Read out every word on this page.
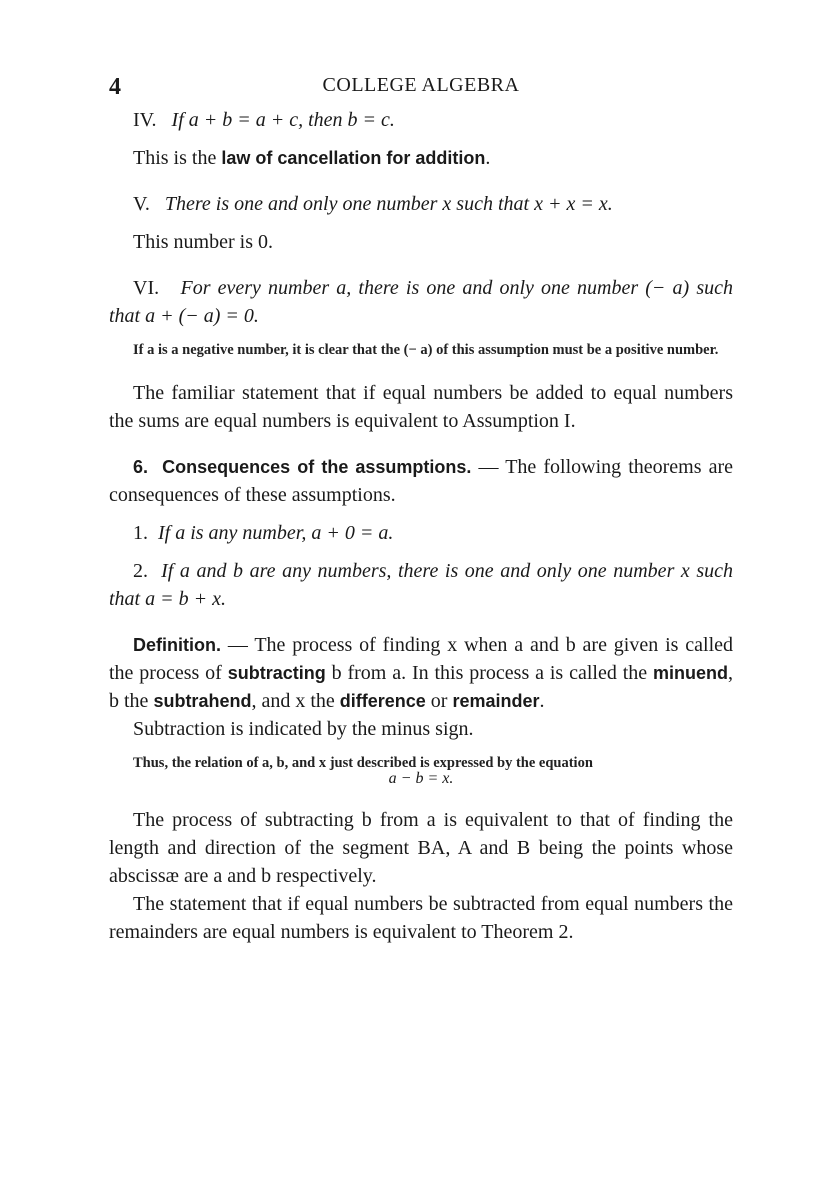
4	COLLEGE ALGEBRA

IV. If a + b = a + c, then b = c.

This is the law of cancellation for addition.

V. There is one and only one number x such that x + x = x.

This number is 0.

VI. For every number a, there is one and only one number (− a) such that a + (− a) = 0.

If a is a negative number, it is clear that the (− a) of this assumption must be a positive number.

The familiar statement that if equal numbers be added to equal numbers the sums are equal numbers is equivalent to Assumption I.

6. Consequences of the assumptions. — The following theorems are consequences of these assumptions.

1. If a is any number, a + 0 = a.

2. If a and b are any numbers, there is one and only one number x such that a = b + x.

Definition. — The process of finding x when a and b are given is called the process of subtracting b from a. In this process a is called the minuend, b the subtrahend, and x the difference or remainder.

Subtraction is indicated by the minus sign.

Thus, the relation of a, b, and x just described is expressed by the equation

a − b = x.

The process of subtracting b from a is equivalent to that of finding the length and direction of the segment BA, A and B being the points whose abscissæ are a and b respectively.

The statement that if equal numbers be subtracted from equal numbers the remainders are equal numbers is equivalent to Theorem 2.
